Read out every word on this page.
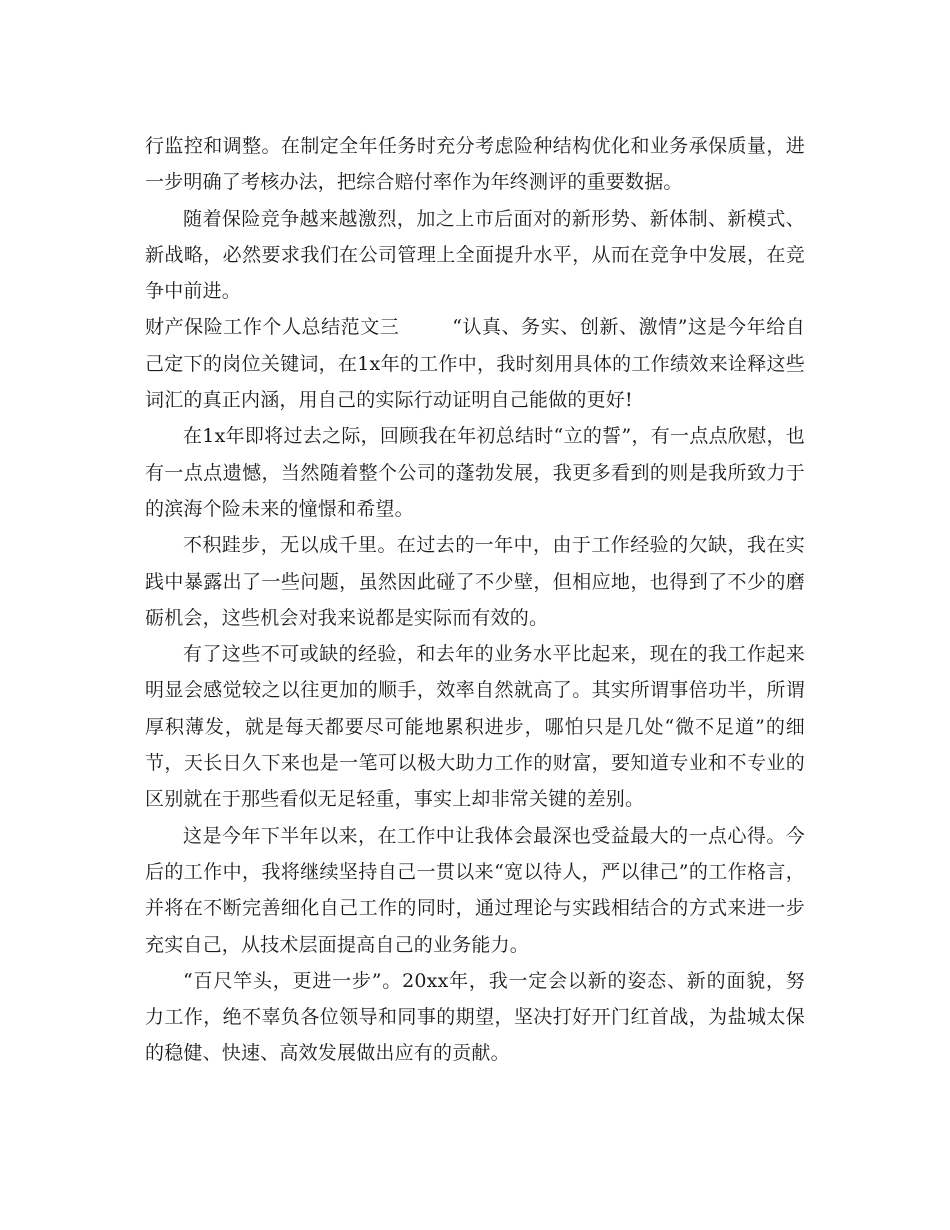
行监控和调整。在制定全年任务时充分考虑险种结构优化和业务承保质量，进一步明确了考核办法，把综合赔付率作为年终测评的重要数据。

随着保险竞争越来越激烈，加之上市后面对的新形势、新体制、新模式、新战略，必然要求我们在公司管理上全面提升水平，从而在竞争中发展，在竞争中前进。

财产保险工作个人总结范文三	“认真、务实、创新、激情”这是今年给自己定下的岗位关键词，在1x年的工作中，我时刻用具体的工作绩效来诠释这些词汇的真正内涵，用自己的实际行动证明自己能做的更好!

在1x年即将过去之际，回顾我在年初总结时“立的誓”，有一点点欣慰，也有一点点遗憾，当然随着整个公司的蓬勃发展，我更多看到的则是我所致力于的滨海个险未来的憧憬和希望。

不积跬步，无以成千里。在过去的一年中，由于工作经验的欠缺，我在实践中暴露出了一些问题，虽然因此碰了不少壁，但相应地，也得到了不少的磨砺机会，这些机会对我来说都是实际而有效的。

有了这些不可或缺的经验，和去年的业务水平比起来，现在的我工作起来明显会感觉较之以往更加的顺手，效率自然就高了。其实所谓事倍功半，所谓厚积薄发，就是每天都要尽可能地累积进步，哪怕只是几处“微不足道”的细节，天长日久下来也是一笔可以极大助力工作的财富，要知道专业和不专业的区别就在于那些看似无足轻重，事实上却非常关键的差别。

这是今年下半年以来，在工作中让我体会最深也受益最大的一点心得。今后的工作中，我将继续坚持自己一贯以来“宽以待人，严以律己”的工作格言，并将在不断完善细化自己工作的同时，通过理论与实践相结合的方式来进一步充实自己，从技术层面提高自己的业务能力。

“百尺竿头，更进一步”。20xx年，我一定会以新的姿态、新的面貌，努力工作，绝不辜负各位领导和同事的期望，坚决打好开门红首战，为盐城太保的稳健、快速、高效发展做出应有的贡献。
